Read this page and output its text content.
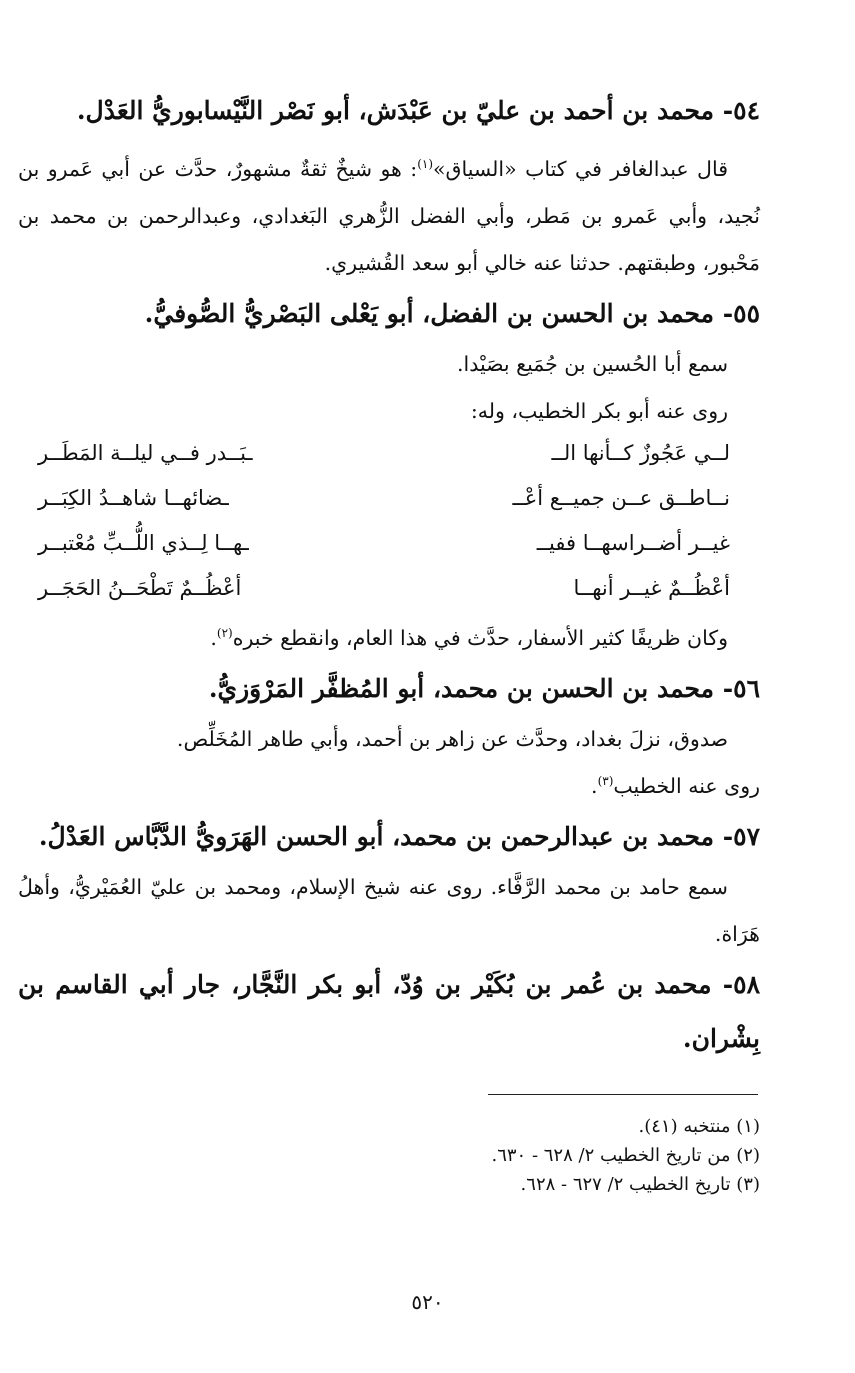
٥٤- محمد بن أحمد بن عليّ بن عَبْدَش، أبو نَصْر النَّيْسابوريُّ العَدْل.

قال عبدالغافر في كتاب «السياق»$^{(١)}$: هو شيخٌ ثقةٌ مشهورٌ، حدَّث عن أبي عَمرو بن نُجيد، وأبي عَمرو بن مَطر، وأبي الفضل الزُّهري البَغدادي، وعبدالرحمن بن محمد بن مَحْبور، وطبقتهم. حدثنا عنه خالي أبو سعد القُشيري.

٥٥- محمد بن الحسن بن الفضل، أبو يَعْلى البَصْريُّ الصُّوفيُّ.

سمع أبا الحُسين بن جُمَيع بصَيْدا.

روى عنه أبو بكر الخطيب، وله:

لــي عَجُوزٌ كــأنها الــ
ـبَــدر فــي ليلــة المَطَــر
نــاطــق عــن جميــع أعْــ
ـضائهــا شاهــدُ الكِبَــر
غيــر أضــراسهــا ففيــ
ـهــا لِــذي اللُّــبِّ مُعْتبــر
أعْظُــمٌ غيــر أنهــا
أعْظُــمٌ تَطْحَــنُ الحَجَــر

وكان ظريفًا كثير الأسفار، حدَّث في هذا العام، وانقطع خبره$^{(٢)}$.

٥٦- محمد بن الحسن بن محمد، أبو المُظفَّر المَرْوَزيُّ.

صدوق، نزلَ بغداد، وحدَّث عن زاهر بن أحمد، وأبي طاهر المُخَلِّص.

روى عنه الخطيب$^{(٣)}$.

٥٧- محمد بن عبدالرحمن بن محمد، أبو الحسن الهَرَويُّ الدَّبَّاس العَدْلُ.

سمع حامد بن محمد الرَّفَّاء. روى عنه شيخ الإسلام، ومحمد بن عليّ العُمَيْريُّ، وأهلُ هَرَاة.

٥٨- محمد بن عُمر بن بُكَيْر بن وُدّ، أبو بكر النَّجَّار، جار أبي القاسم بن بِشْران.

(١) منتخبه (٤١).
(٢) من تاريخ الخطيب ٢/ ٦٢٨ - ٦٣٠.
(٣) تاريخ الخطيب ٢/ ٦٢٧ - ٦٢٨.
٥٢٠
